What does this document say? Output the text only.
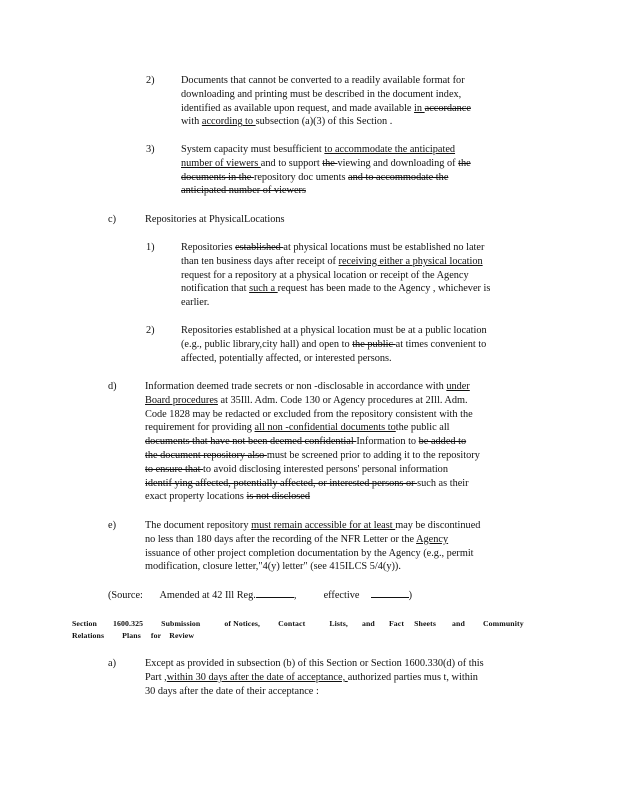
2)	Documents that cannot be converted to a readily available format for
downloading and printing must be described in the document index,
identified as available upon request, and made available in accordance
with according to subsection (a)(3) of this Section .
3)	System capacity must besufficient to accommodate the anticipated
number of viewers and to support the viewing and downloading of the
documents in the repository doc uments and to accommodate the
anticipated number of viewers
c)	Repositories at PhysicalLocations
1)	Repositories established at physical locations must be established no later
than ten business days after receipt of receiving either a physical location
request for a repository at a physical location or receipt of the Agency
notification that such a request has been made to the Agency , whichever is
earlier.
2)	Repositories established at a physical location must be at a public location
(e.g., public library,city hall) and open to the public at times convenient to
affected, potentially affected, or interested persons.
d)	Information deemed trade secrets or non -disclosable in accordance with under
Board procedures at 35Ill. Adm. Code 130 or Agency procedures at 2Ill. Adm.
Code 1828 may be redacted or excluded from the repository consistent with the
requirement for providing all non -confidential documents tothe public all
documents that have not been deemed confidential Information to be added to
the document repository also must be screened prior to adding it to the repository
to ensure that to avoid disclosing interested persons' personal information
identif ying affected, potentially affected, or interested persons or such as their
exact property locations is not disclosed
e)	The document repository must remain accessible for at least may be discontinued
no less than 180 days after the recording of the NFR Letter or the Agency
issuance of other project completion documentation by the Agency (e.g., permit
modification, closure letter,"4(y) letter" (see 415ILCS 5/4(y)).
(Source: Amended at 42 Ill Reg.	,	effective	)
Section 1600.325 Submission	of Notices, Contact	Lists, and Fact Sheets and Community
Relations Plans for Review
a)	Except as provided in subsection (b) of this Section or Section 1600.330(d) of this
Part ,within 30 days after the date of acceptance, authorized parties mus t, within
30 days after the date of their acceptance :
